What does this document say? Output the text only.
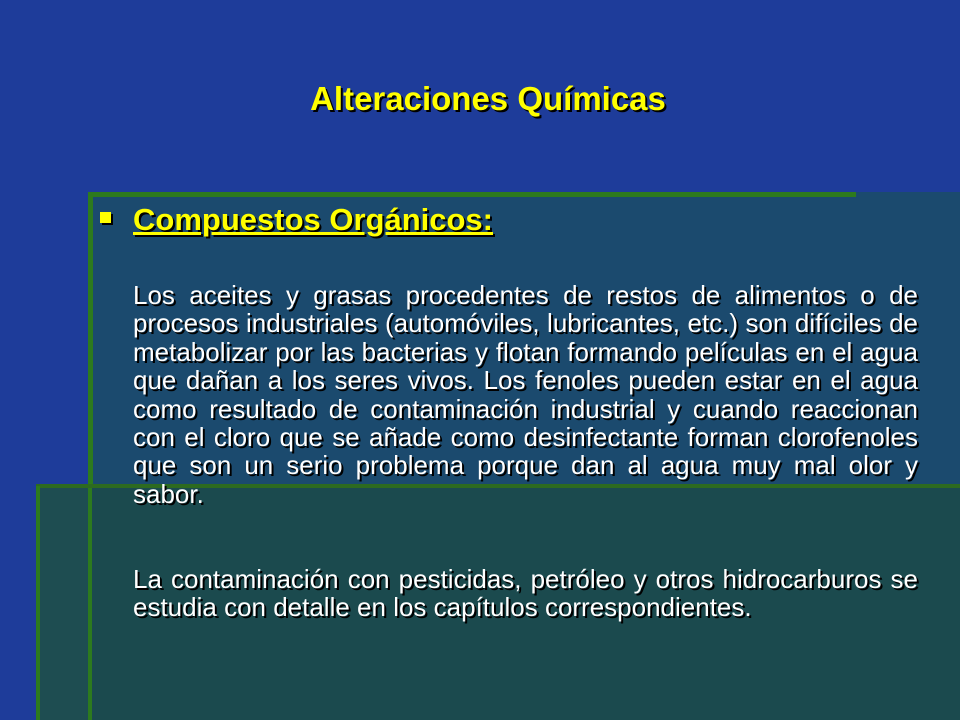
Alteraciones Químicas
Compuestos Orgánicos:

Los aceites y grasas procedentes de restos de alimentos o de procesos industriales (automóviles, lubricantes, etc.) son difíciles de metabolizar por las bacterias y flotan formando películas en el agua que dañan a los seres vivos. Los fenoles pueden estar en el agua como resultado de contaminación industrial y cuando reaccionan con el cloro que se añade como desinfectante forman clorofenoles que son un serio problema porque dan al agua muy mal olor y sabor.

La contaminación con pesticidas, petróleo y otros hidrocarburos se estudia con detalle en los capítulos correspondientes.
